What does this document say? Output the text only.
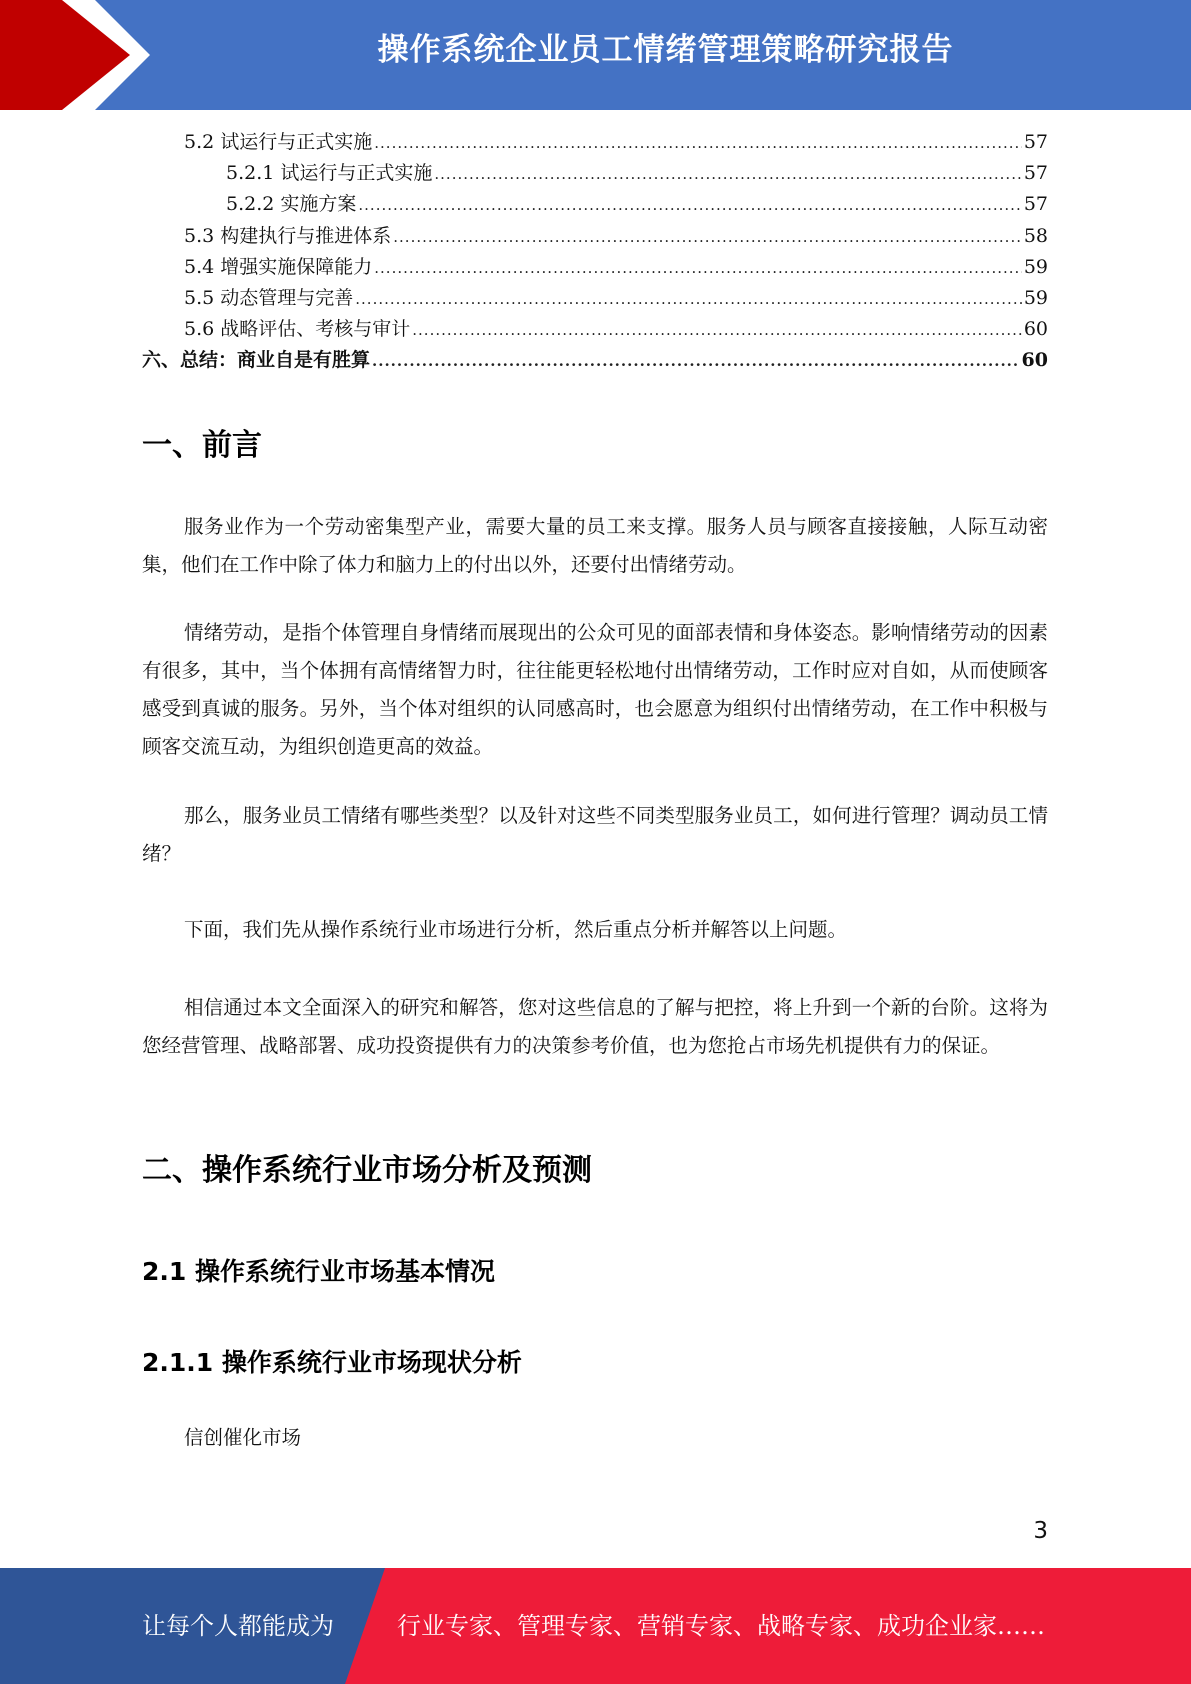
操作系统企业员工情绪管理策略研究报告
5.2 试运行与正式实施 .....	57
5.2.1 试运行与正式实施 .....	57
5.2.2 实施方案 .....	57
5.3 构建执行与推进体系 .....	58
5.4 增强实施保障能力 .....	59
5.5 动态管理与完善 .....	59
5.6 战略评估、考核与审计 .....	60
六、总结：商业自是有胜算 .....	60
一、前言

服务业作为一个劳动密集型产业，需要大量的员工来支撑。服务人员与顾客直接接触，人际互动密集，他们在工作中除了体力和脑力上的付出以外，还要付出情绪劳动。

情绪劳动，是指个体管理自身情绪而展现出的公众可见的面部表情和身体姿态。影响情绪劳动的因素有很多，其中，当个体拥有高情绪智力时，往往能更轻松地付出情绪劳动，工作时应对自如，从而使顾客感受到真诚的服务。另外，当个体对组织的认同感高时，也会愿意为组织付出情绪劳动，在工作中积极与顾客交流互动，为组织创造更高的效益。

那么，服务业员工情绪有哪些类型？以及针对这些不同类型服务业员工，如何进行管理？调动员工情绪？

下面，我们先从操作系统行业市场进行分析，然后重点分析并解答以上问题。

相信通过本文全面深入的研究和解答，您对这些信息的了解与把控，将上升到一个新的台阶。这将为您经营管理、战略部署、成功投资提供有力的决策参考价值，也为您抢占市场先机提供有力的保证。

二、操作系统行业市场分析及预测
2.1 操作系统行业市场基本情况
2.1.1 操作系统行业市场现状分析

信创催化市场

3
让每个人都能成为	行业专家、管理专家、营销专家、战略专家、成功企业家……
